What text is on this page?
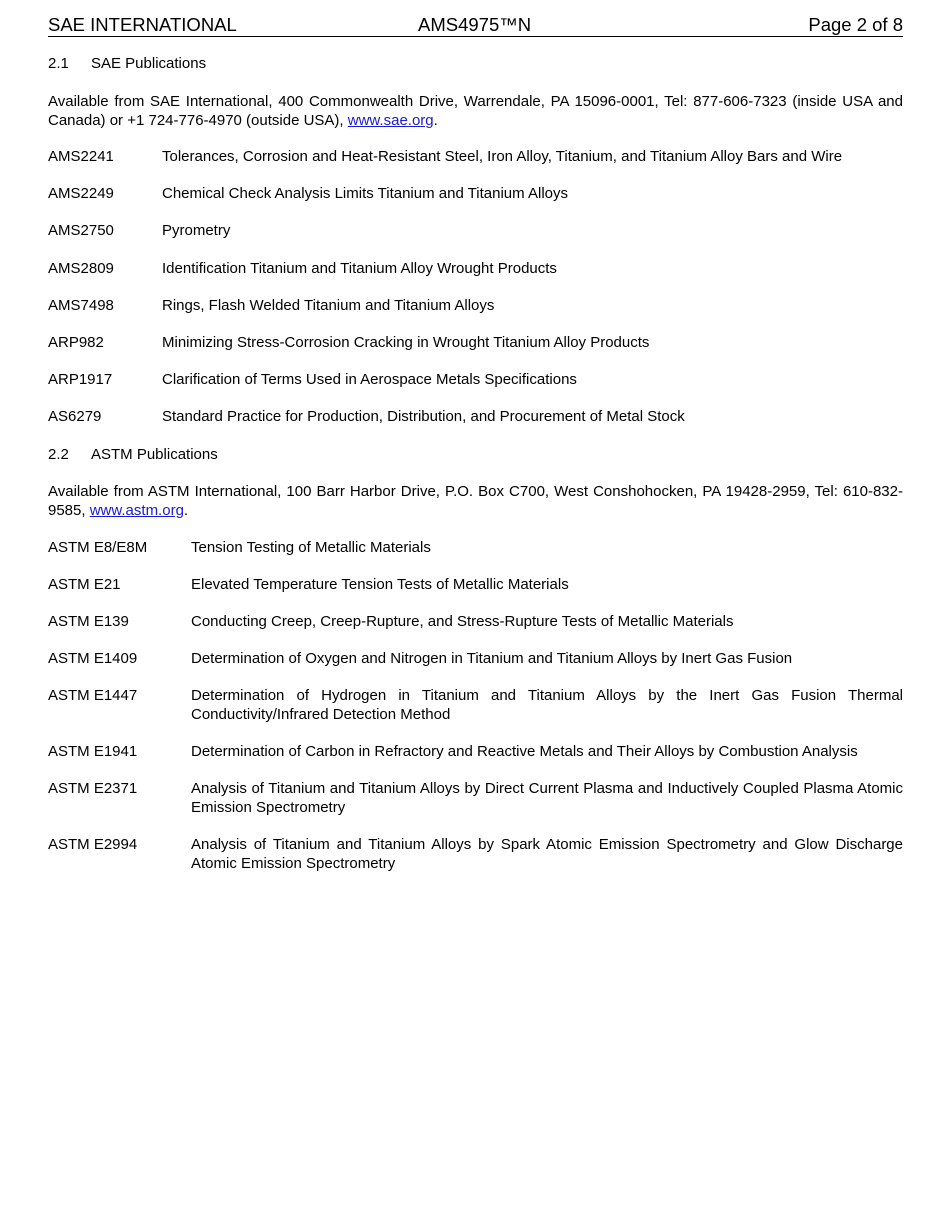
SAE INTERNATIONAL	AMS4975™N	Page 2 of 8
2.1 SAE Publications
Available from SAE International, 400 Commonwealth Drive, Warrendale, PA 15096-0001, Tel: 877-606-7323 (inside USA and Canada) or +1 724-776-4970 (outside USA), www.sae.org.
AMS2241	Tolerances, Corrosion and Heat-Resistant Steel, Iron Alloy, Titanium, and Titanium Alloy Bars and Wire
AMS2249	Chemical Check Analysis Limits Titanium and Titanium Alloys
AMS2750	Pyrometry
AMS2809	Identification Titanium and Titanium Alloy Wrought Products
AMS7498	Rings, Flash Welded Titanium and Titanium Alloys
ARP982	Minimizing Stress-Corrosion Cracking in Wrought Titanium Alloy Products
ARP1917	Clarification of Terms Used in Aerospace Metals Specifications
AS6279	Standard Practice for Production, Distribution, and Procurement of Metal Stock
2.2 ASTM Publications
Available from ASTM International, 100 Barr Harbor Drive, P.O. Box C700, West Conshohocken, PA 19428-2959, Tel: 610-832-9585, www.astm.org.
ASTM E8/E8M	Tension Testing of Metallic Materials
ASTM E21	Elevated Temperature Tension Tests of Metallic Materials
ASTM E139	Conducting Creep, Creep-Rupture, and Stress-Rupture Tests of Metallic Materials
ASTM E1409	Determination of Oxygen and Nitrogen in Titanium and Titanium Alloys by Inert Gas Fusion
ASTM E1447	Determination of Hydrogen in Titanium and Titanium Alloys by the Inert Gas Fusion Thermal Conductivity/Infrared Detection Method
ASTM E1941	Determination of Carbon in Refractory and Reactive Metals and Their Alloys by Combustion Analysis
ASTM E2371	Analysis of Titanium and Titanium Alloys by Direct Current Plasma and Inductively Coupled Plasma Atomic Emission Spectrometry
ASTM E2994	Analysis of Titanium and Titanium Alloys by Spark Atomic Emission Spectrometry and Glow Discharge Atomic Emission Spectrometry
